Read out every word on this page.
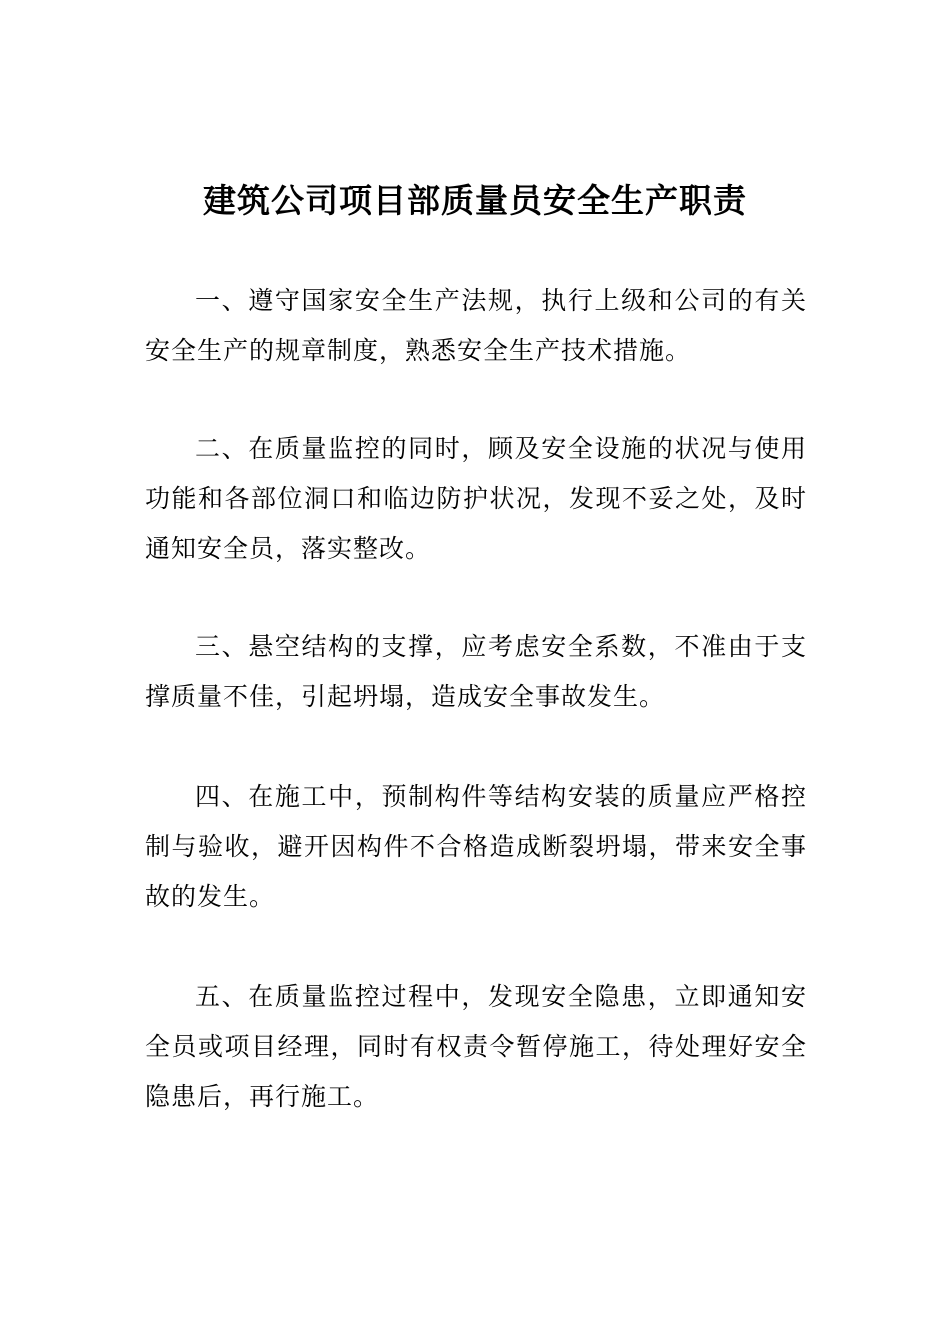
建筑公司项目部质量员安全生产职责

一、遵守国家安全生产法规，执行上级和公司的有关安全生产的规章制度，熟悉安全生产技术措施。

二、在质量监控的同时，顾及安全设施的状况与使用功能和各部位洞口和临边防护状况，发现不妥之处，及时通知安全员，落实整改。

三、悬空结构的支撑，应考虑安全系数，不准由于支撑质量不佳，引起坍塌，造成安全事故发生。

四、在施工中，预制构件等结构安装的质量应严格控制与验收，避开因构件不合格造成断裂坍塌，带来安全事故的发生。

五、在质量监控过程中，发现安全隐患，立即通知安全员或项目经理，同时有权责令暂停施工，待处理好安全隐患后，再行施工。
